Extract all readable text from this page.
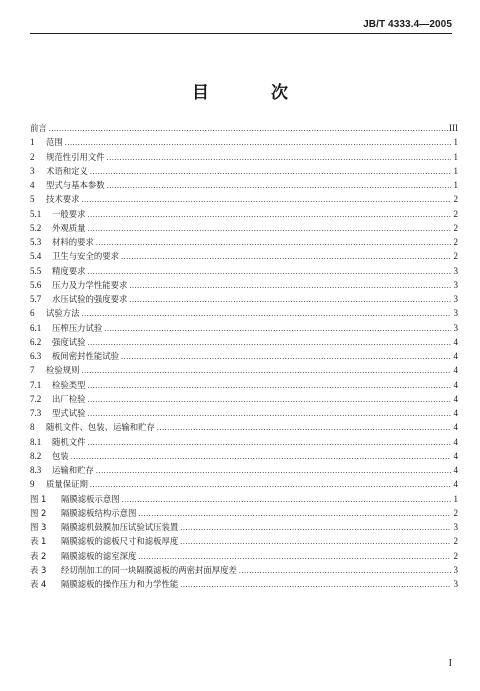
JB/T 4333.4—2005
目 次
前言 .....	III
1	范围 .....	1
2	规范性引用文件 .....	1
3	术语和定义 .....	1
4	型式与基本参数 .....	1
5	技术要求 .....	2
5.1	一般要求 .....	2
5.2	外观质量 .....	2
5.3	材料的要求 .....	2
5.4	卫生与安全的要求 .....	2
5.5	精度要求 .....	3
5.6	压力及力学性能要求 .....	3
5.7	水压试验的强度要求 .....	3
6	试验方法 .....	3
6.1	压榨压力试验 .....	3
6.2	强度试验 .....	4
6.3	板间密封性能试验 .....	4
7	检验规则 .....	4
7.1	检验类型 .....	4
7.2	出厂检验 .....	4
7.3	型式试验 .....	4
8	随机文件、包装、运输和贮存 .....	4
8.1	随机文件 .....	4
8.2	包装 .....	4
8.3	运输和贮存 .....	4
9	质量保证期 .....	4
图 1	隔膜滤板示意图 .....	1
图 2	隔膜滤板结构示意图 .....	2
图 3	隔膜滤机鼓膜加压试验试压装置 .....	3
表 1	隔膜滤板的滤板尺寸和滤板厚度 .....	2
表 2	隔膜滤板的滤室深度 .....	2
表 3	经切削加工的同一块隔膜滤板的两密封面厚度差 .....	3
表 4	隔膜滤板的操作压力和力学性能 .....	3
I
